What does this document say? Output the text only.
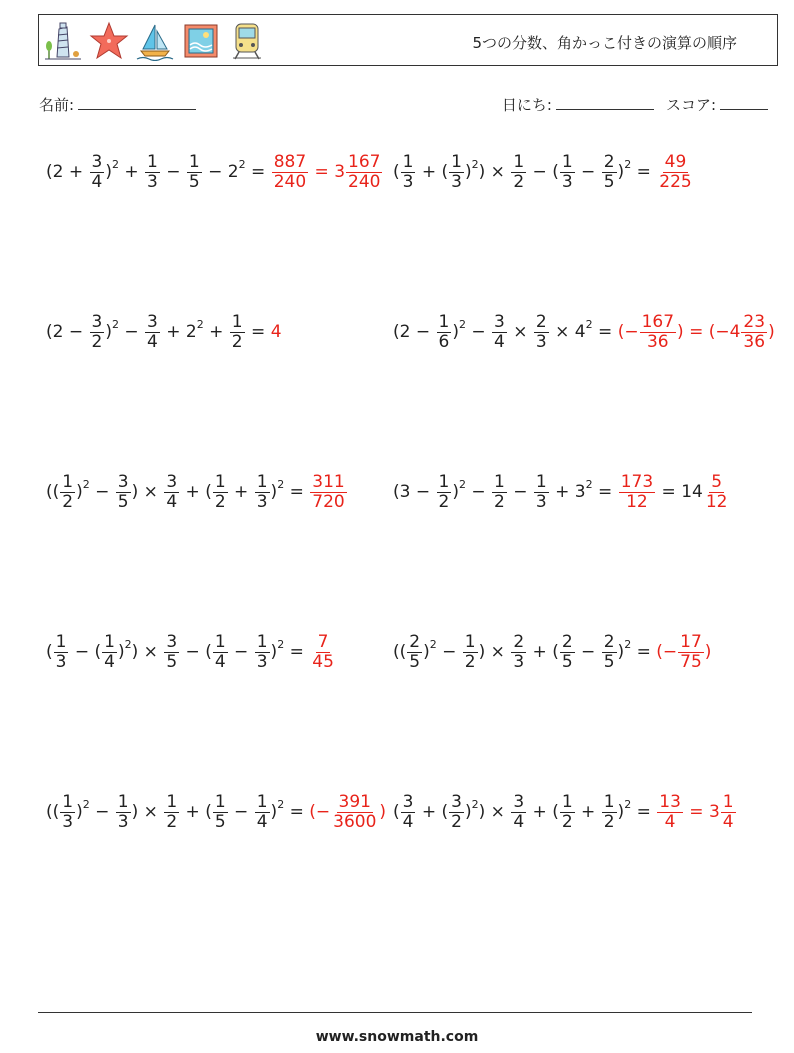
5つの分数、角かっこ付きの演算の順序
名前:	日にち:	スコア:
($2 + \frac{3}{4}$ ) $2 + \frac{1}{3} - \frac{1}{5} - 2$ $2 = \frac{887}{240} = 3 \frac{167}{240}$ ( $\frac{1}{3}$ + ( $\frac{1}{3}$ ) 2 ) × $\frac{1}{2}$ − ( $\frac{1}{3} - \frac{2}{5}$ ) $2 = \frac{49}{225}$
($2 - \frac{3}{2}$ ) $2 - \frac{3}{4} + 2$ $2 + \frac{1}{2} = 4$	($2 - \frac{1}{6}$ ) $2 - \frac{3}{4} \times \frac{2}{3} \times 4$ 2 = (− $\frac{167}{36}$ ) = ($-4 \frac{23}{36}$ )
(( $\frac{1}{2}$ ) $2 - \frac{3}{5}$ ) × $\frac{3}{4}$ + ( $\frac{1}{2} + \frac{1}{3}$ ) $2 = \frac{311}{720}$	($3 - \frac{1}{2}$ ) $2 - \frac{1}{2} - \frac{1}{3} + 3$ $2 = \frac{173}{12} = 14 \frac{5}{12}$
( $\frac{1}{3}$ − ( $\frac{1}{4}$ ) 2 ) × $\frac{3}{5}$ − ( $\frac{1}{4} - \frac{1}{3}$ ) $2 = \frac{7}{45}$	(( $\frac{2}{5}$ ) $2 - \frac{1}{2}$ ) × $\frac{2}{3}$ + ( $\frac{2}{5} - \frac{2}{5}$ ) 2 = (− $\frac{17}{75}$ )
(( $\frac{1}{3}$ ) $2 - \frac{1}{3}$ ) × $\frac{1}{2}$ + ( $\frac{1}{5} - \frac{1}{4}$ ) 2 = (− $\frac{391}{3600}$ ) ( $\frac{3}{4}$ + ( $\frac{3}{2}$ ) 2 ) × $\frac{3}{4}$ + ( $\frac{1}{2} + \frac{1}{2}$ ) $2 = \frac{13}{4} = 3 \frac{1}{4}$
www.snowmath.com
